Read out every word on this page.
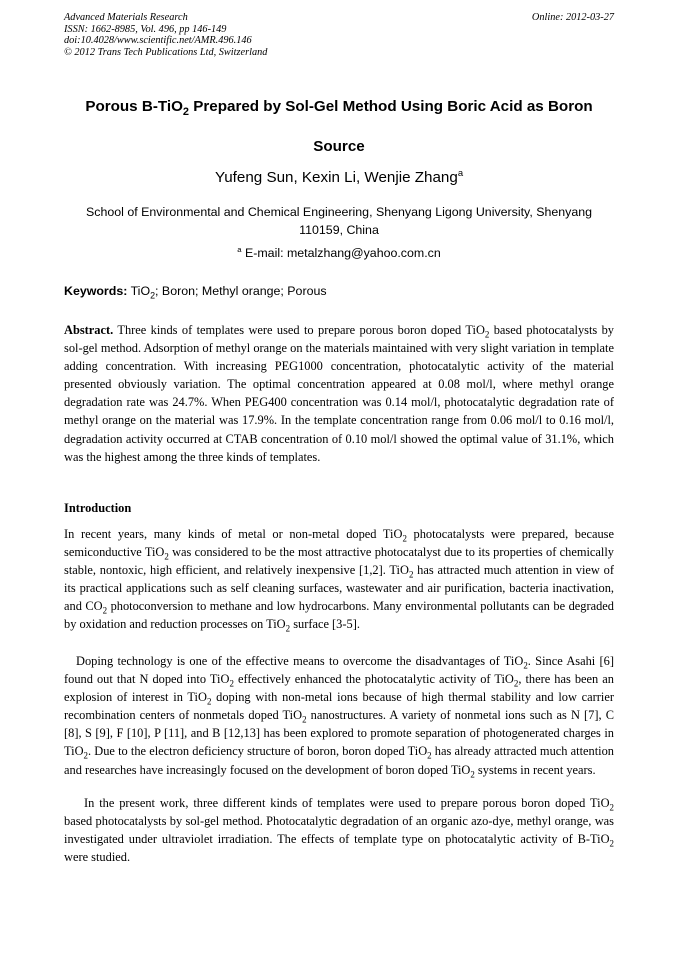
Advanced Materials Research
ISSN: 1662-8985, Vol. 496, pp 146-149
doi:10.4028/www.scientific.net/AMR.496.146
© 2012 Trans Tech Publications Ltd, Switzerland
Online: 2012-03-27
Porous B-TiO$_2$ Prepared by Sol-Gel Method Using Boric Acid as Boron Source
Yufeng Sun, Kexin Li, Wenjie Zhang$^a$
School of Environmental and Chemical Engineering, Shenyang Ligong University, Shenyang 110159, China
$^a$ E-mail: metalzhang@yahoo.com.cn
Keywords: TiO$_2$; Boron; Methyl orange; Porous
Abstract. Three kinds of templates were used to prepare porous boron doped TiO$_2$ based photocatalysts by sol-gel method. Adsorption of methyl orange on the materials maintained with very slight variation in template adding concentration. With increasing PEG1000 concentration, photocatalytic activity of the material presented obviously variation. The optimal concentration appeared at 0.08 mol/l, where methyl orange degradation rate was 24.7%. When PEG400 concentration was 0.14 mol/l, photocatalytic degradation rate of methyl orange on the material was 17.9%. In the template concentration range from 0.06 mol/l to 0.16 mol/l, degradation activity occurred at CTAB concentration of 0.10 mol/l showed the optimal value of 31.1%, which was the highest among the three kinds of templates.
Introduction
In recent years, many kinds of metal or non-metal doped TiO$_2$ photocatalysts were prepared, because semiconductive TiO$_2$ was considered to be the most attractive photocatalyst due to its properties of chemically stable, nontoxic, high efficient, and relatively inexpensive [1,2]. TiO$_2$ has attracted much attention in view of its practical applications such as self cleaning surfaces, wastewater and air purification, bacteria inactivation, and $CO_2$ photoconversion to methane and low hydrocarbons. Many environmental pollutants can be degraded by oxidation and reduction processes on TiO$_2$ surface [3-5].
Doping technology is one of the effective means to overcome the disadvantages of TiO$_2$. Since Asahi [6] found out that N doped into TiO$_2$ effectively enhanced the photocatalytic activity of TiO$_2$, there has been an explosion of interest in TiO$_2$ doping with non-metal ions because of high thermal stability and low carrier recombination centers of nonmetals doped TiO$_2$ nanostructures. A variety of nonmetal ions such as N [7], C [8], S [9], F [10], P [11], and B [12,13] has been explored to promote separation of photogenerated charges in TiO$_2$. Due to the electron deficiency structure of boron, boron doped TiO$_2$ has already attracted much attention and researches have increasingly focused on the development of boron doped TiO$_2$ systems in recent years.
In the present work, three different kinds of templates were used to prepare porous boron doped TiO$_2$ based photocatalysts by sol-gel method. Photocatalytic degradation of an organic azo-dye, methyl orange, was investigated under ultraviolet irradiation. The effects of template type on photocatalytic activity of B-TiO$_2$ were studied.
